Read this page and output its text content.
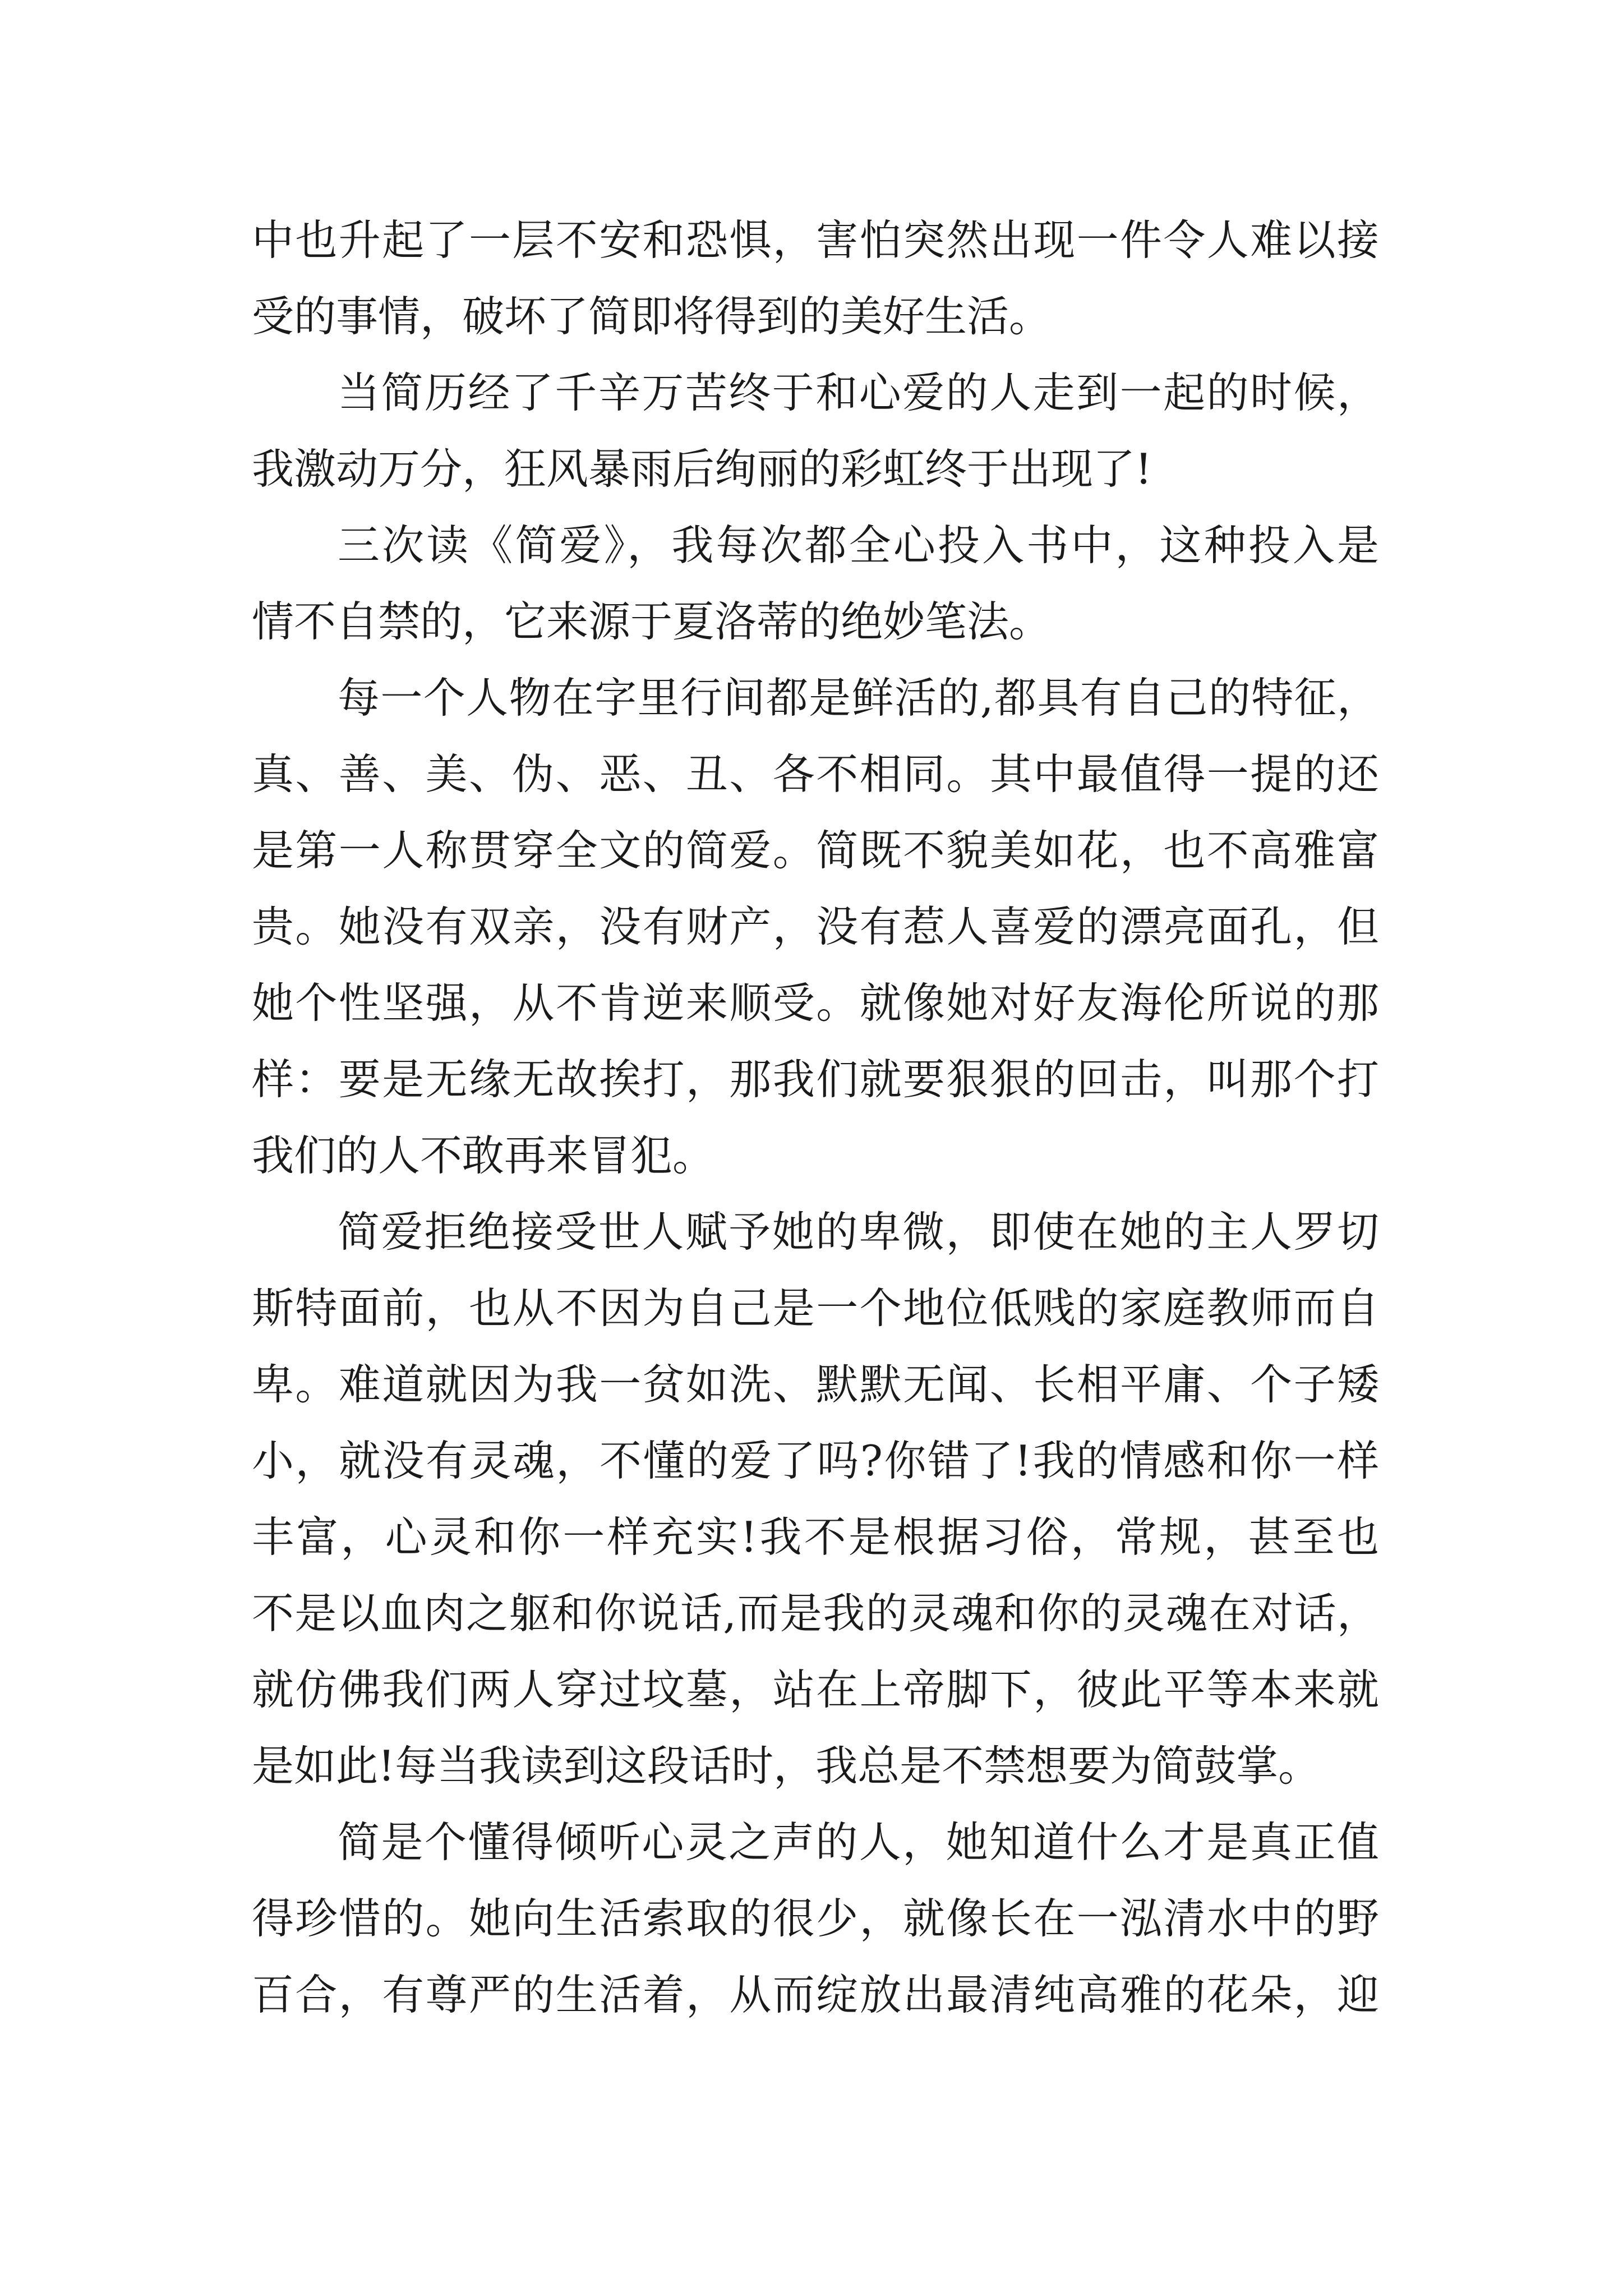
中也升起了一层不安和恐惧，害怕突然出现一件令人难以接

受的事情，破坏了简即将得到的美好生活。

当简历经了千辛万苦终于和心爱的人走到一起的时候，

我激动万分，狂风暴雨后绚丽的彩虹终于出现了!

三次读《简爱》，我每次都全心投入书中，这种投入是

情不自禁的，它来源于夏洛蒂的绝妙笔法。

每一个人物在字里行间都是鲜活的,都具有自己的特征，

真、善、美、伪、恶、丑、各不相同。其中最值得一提的还

是第一人称贯穿全文的简爱。简既不貌美如花，也不高雅富

贵。她没有双亲，没有财产，没有惹人喜爱的漂亮面孔，但

她个性坚强，从不肯逆来顺受。就像她对好友海伦所说的那

样：要是无缘无故挨打，那我们就要狠狠的回击，叫那个打

我们的人不敢再来冒犯。

简爱拒绝接受世人赋予她的卑微，即使在她的主人罗切

斯特面前，也从不因为自己是一个地位低贱的家庭教师而自

卑。难道就因为我一贫如洗、默默无闻、长相平庸、个子矮

小，就没有灵魂，不懂的爱了吗?你错了!我的情感和你一样

丰富，心灵和你一样充实!我不是根据习俗，常规，甚至也

不是以血肉之躯和你说话,而是我的灵魂和你的灵魂在对话，

就仿佛我们两人穿过坟墓，站在上帝脚下，彼此平等本来就

是如此!每当我读到这段话时，我总是不禁想要为简鼓掌。

简是个懂得倾听心灵之声的人，她知道什么才是真正值

得珍惜的。她向生活索取的很少，就像长在一泓清水中的野

百合，有尊严的生活着，从而绽放出最清纯高雅的花朵，迎
